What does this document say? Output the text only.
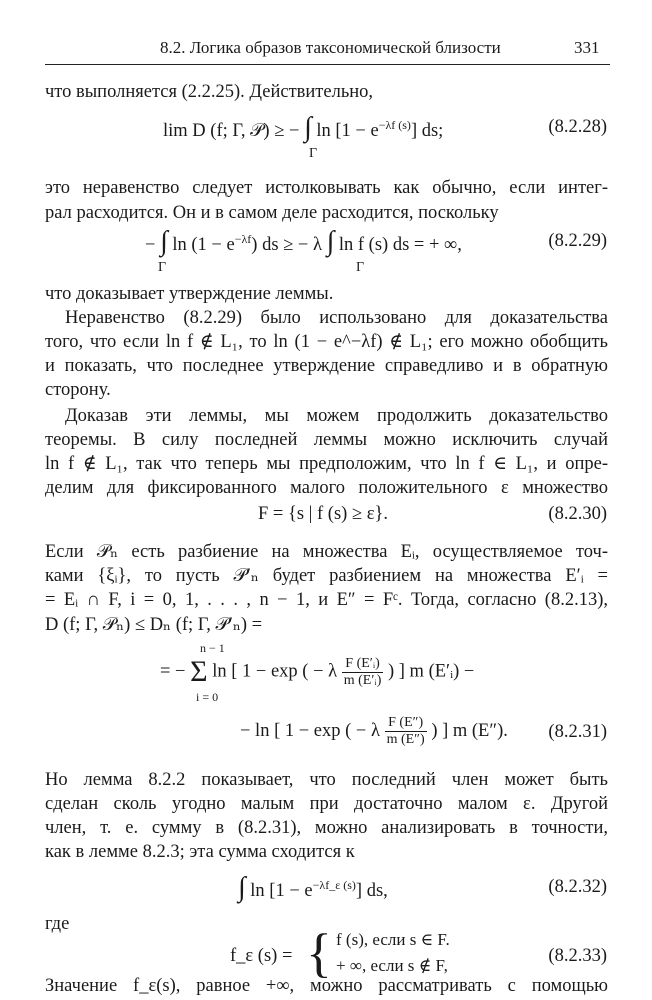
8.2. Логика образов таксономической близости	331
что выполняется (2.2.25). Действительно,
lim D (f; Γ, 𝒫) ≥ − ∫ $\ln [1 - e^{-\lambda f (s)}]$ ds;
Γ
(8.2.28)
это неравенство следует истолковывать как обычно, если интег-
рал расходится. Он и в самом деле расходится, поскольку
− ∫ $\ln (1 - e^{-\lambda f})$ ds ≥ − λ ∫ ln f (s) ds = + ∞,
Γ	Γ
(8.2.29)
что доказывает утверждение леммы.
Неравенство (8.2.29) было использовано для доказательства
того, что если ln f ∉ L₁, то ln (1 − e^−λf) ∉ L₁; его можно обобщить
и показать, что последнее утверждение справедливо и в обратную
сторону.
Доказав эти леммы, мы можем продолжить доказательство
теоремы. В силу последней леммы можно исключить случай
ln f ∉ L₁, так что теперь мы предположим, что ln f ∈ L₁, и опре-
делим для фиксированного малого положительного ε множество
F = {s | f (s) ≥ ε}.	(8.2.30)
Если 𝒫ₙ есть разбиение на множества Eᵢ, осуществляемое точ-
ками {ξᵢ}, то пусть 𝒫′ₙ будет разбиением на множества E′ᵢ =
= Eᵢ ∩ F, i = 0, 1, . . . , n − 1, и E″ = Fᶜ. Тогда, согласно (8.2.13),
D (f; Γ, 𝒫ₙ) ≤ Dₙ (f; Γ, 𝒫′ₙ) =
n − 1
= − Σ ln [ 1 − exp ( − λ $\frac{\text{F (E′ᵢ)}}{\text{m (E′ᵢ)}}$ ) ] m (E′ᵢ) −
i = 0
− ln [ 1 − exp ( − λ $\frac{F (E'')}{m (E'')}$ ) ] m (E″). (8.2.31)
Но лемма 8.2.2 показывает, что последний член может быть
сделан сколь угодно малым при достаточно малом ε. Другой
член, т. е. сумму в (8.2.31), можно анализировать в точности,
как в лемме 8.2.3; эта сумма сходится к
∫ $\ln [1 - e^{-\lambda f\_\varepsilon (s)}]$ ds,	(8.2.32)
где
f_ε (s) = { f (s), если s ∈ F.
+ ∞, если s ∉ F,	(8.2.33)
Значение f_ε(s), равное +∞, можно рассматривать с помощью
